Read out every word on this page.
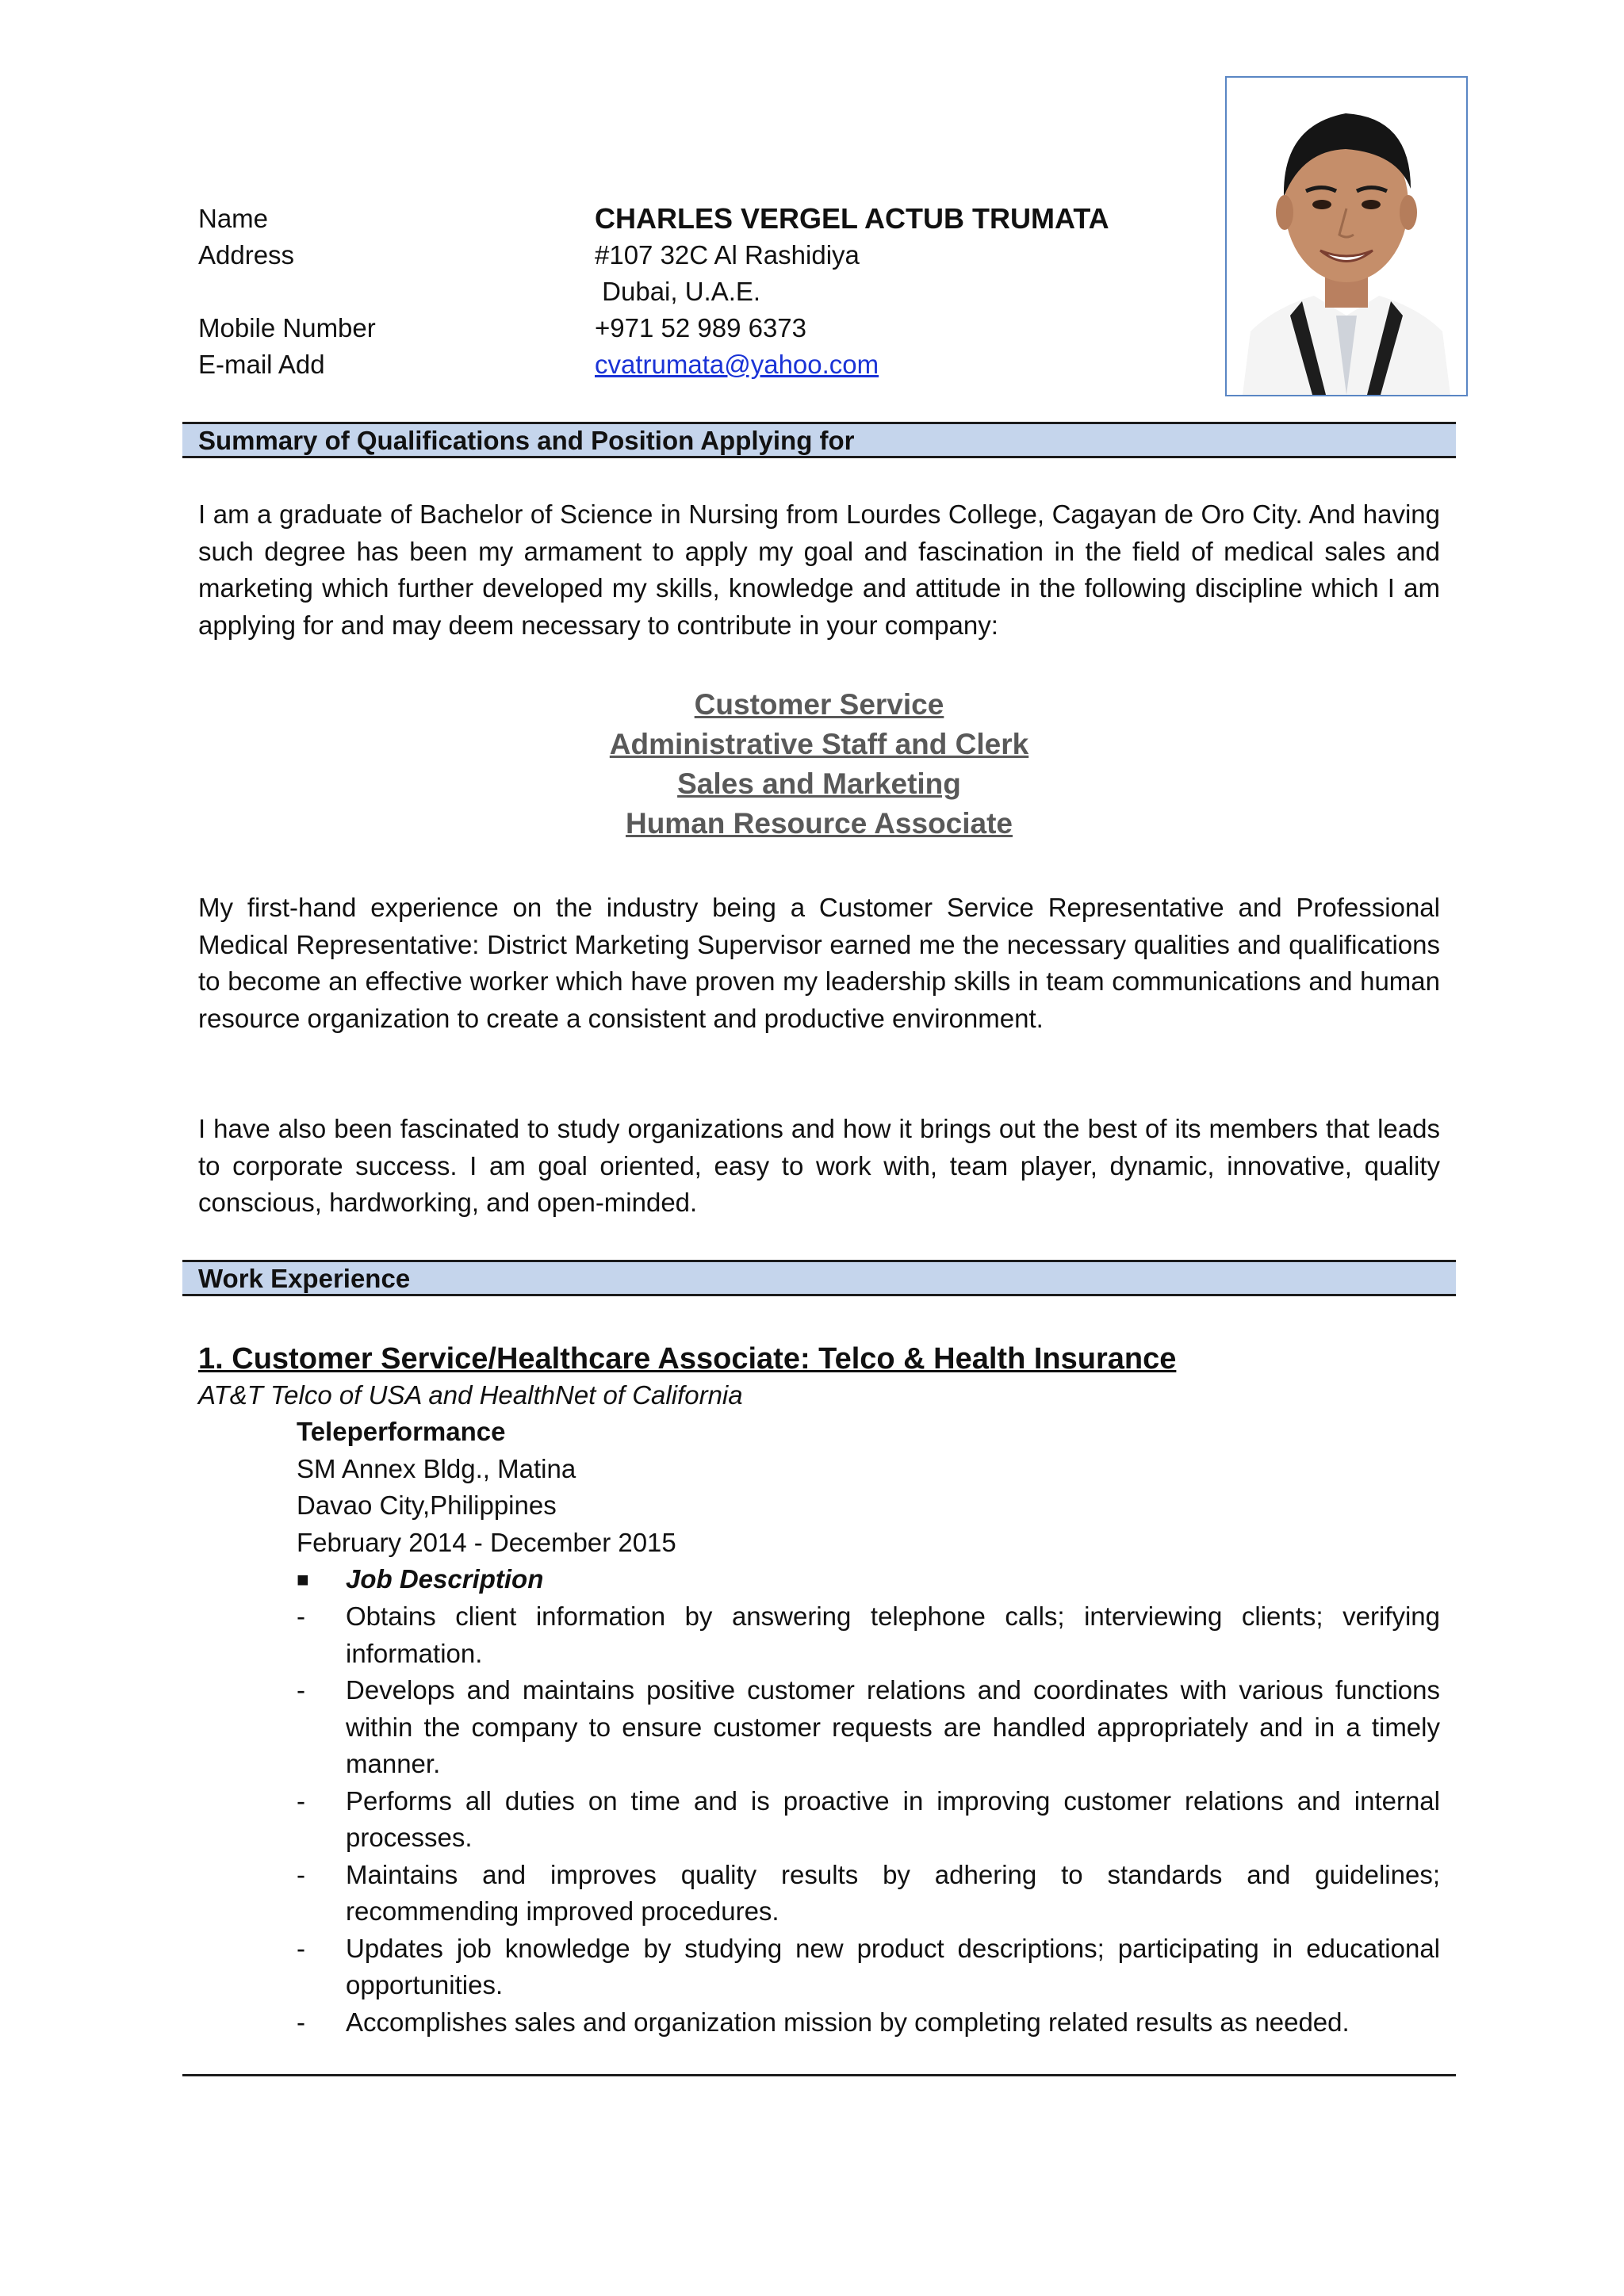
Name	CHARLES VERGEL ACTUB TRUMATA
Address	#107 32C Al Rashidiya
Dubai, U.A.E.
Mobile Number	+971 52 989 6373
E-mail Add	cvatrumata@yahoo.com
Summary of Qualifications and Position Applying for

I am a graduate of Bachelor of Science in Nursing from Lourdes College, Cagayan de Oro City. And having such degree has been my armament to apply my goal and fascination in the field of medical sales and marketing which further developed my skills, knowledge and attitude in the following discipline which I am applying for and may deem necessary to contribute in your company:

Customer Service
Administrative Staff and Clerk
Sales and Marketing
Human Resource Associate

My first-hand experience on the industry being a Customer Service Representative and Professional Medical Representative: District Marketing Supervisor earned me the necessary qualities and qualifications to become an effective worker which have proven my leadership skills in team communications and human resource organization to create a consistent and productive environment.

I have also been fascinated to study organizations and how it brings out the best of its members that leads to corporate success. I am goal oriented, easy to work with, team player, dynamic, innovative, quality conscious, hardworking, and open-minded.

Work Experience
1. Customer Service/Healthcare Associate: Telco & Health Insurance
AT&T Telco of USA and HealthNet of California
Teleperformance
SM Annex Bldg., Matina
Davao City,Philippines
February 2014 - December 2015
■	Job Description
-	Obtains client information by answering telephone calls; interviewing clients; verifying information.
-	Develops and maintains positive customer relations and coordinates with various functions within the company to ensure customer requests are handled appropriately and in a timely manner.
-	Performs all duties on time and is proactive in improving customer relations and internal processes.
-	Maintains and improves quality results by adhering to standards and guidelines; recommending improved procedures.
-	Updates job knowledge by studying new product descriptions; participating in educational opportunities.
-	Accomplishes sales and organization mission by completing related results as needed.
